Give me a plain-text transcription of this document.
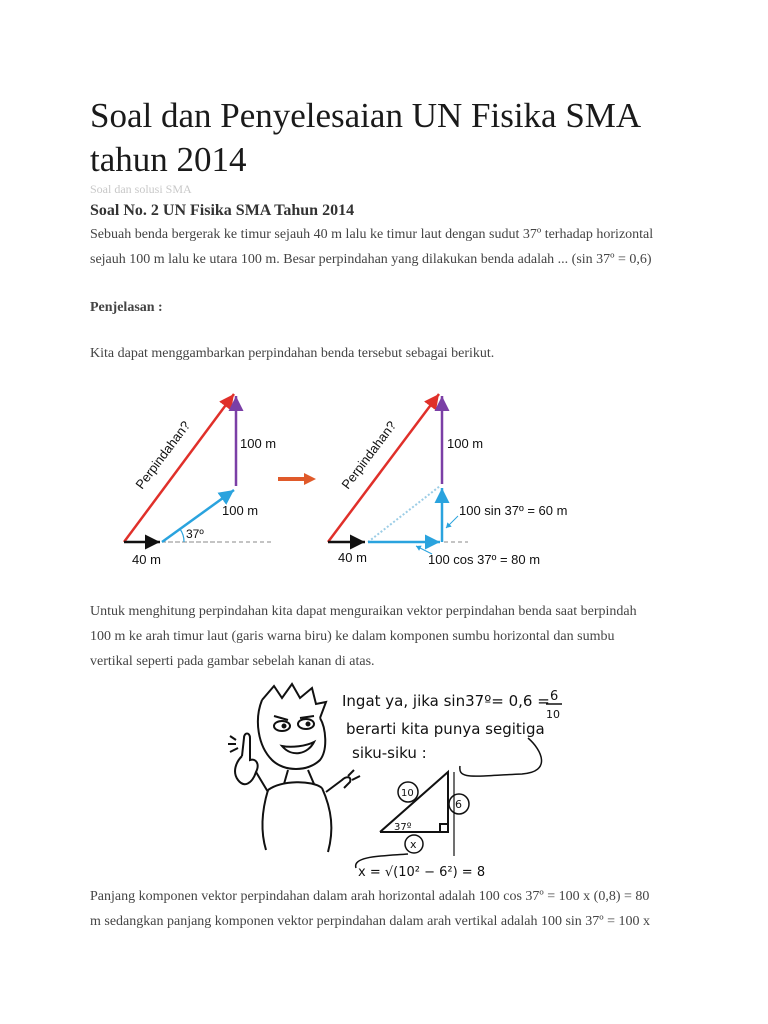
Soal dan Penyelesaian UN Fisika SMA tahun 2014
Soal dan solusi SMA
Soal No. 2 UN Fisika SMA Tahun 2014
Sebuah benda bergerak ke timur sejauh 40 m lalu ke timur laut dengan sudut 37º terhadap horizontal
sejauh 100 m lalu ke utara 100 m. Besar perpindahan yang dilakukan benda adalah ... (sin 37º = 0,6)
Penjelasan :
Kita dapat menggambarkan perpindahan benda tersebut sebagai berikut.
Perpindahan?	100 m
100 m
37º
40 m
Perpindahan?	100 m
100 sin 37º = 60 m
40 m	100 cos 37º = 80 m
Untuk menghitung perpindahan kita dapat menguraikan vektor perpindahan benda saat berpindah
100 m ke arah timur laut (garis warna biru) ke dalam komponen sumbu horizontal dan sumbu
vertikal seperti pada gambar sebelah kanan di atas.
Ingat ya, jika sin37º= 0,6 = 6
10
berarti kita punya segitiga
siku-siku :
10
6
37º
x
x = √(10² − 6²) = 8
Panjang komponen vektor perpindahan dalam arah horizontal adalah 100 cos 37º = 100 x (0,8) = 80
m sedangkan panjang komponen vektor perpindahan dalam arah vertikal adalah 100 sin 37º = 100 x
